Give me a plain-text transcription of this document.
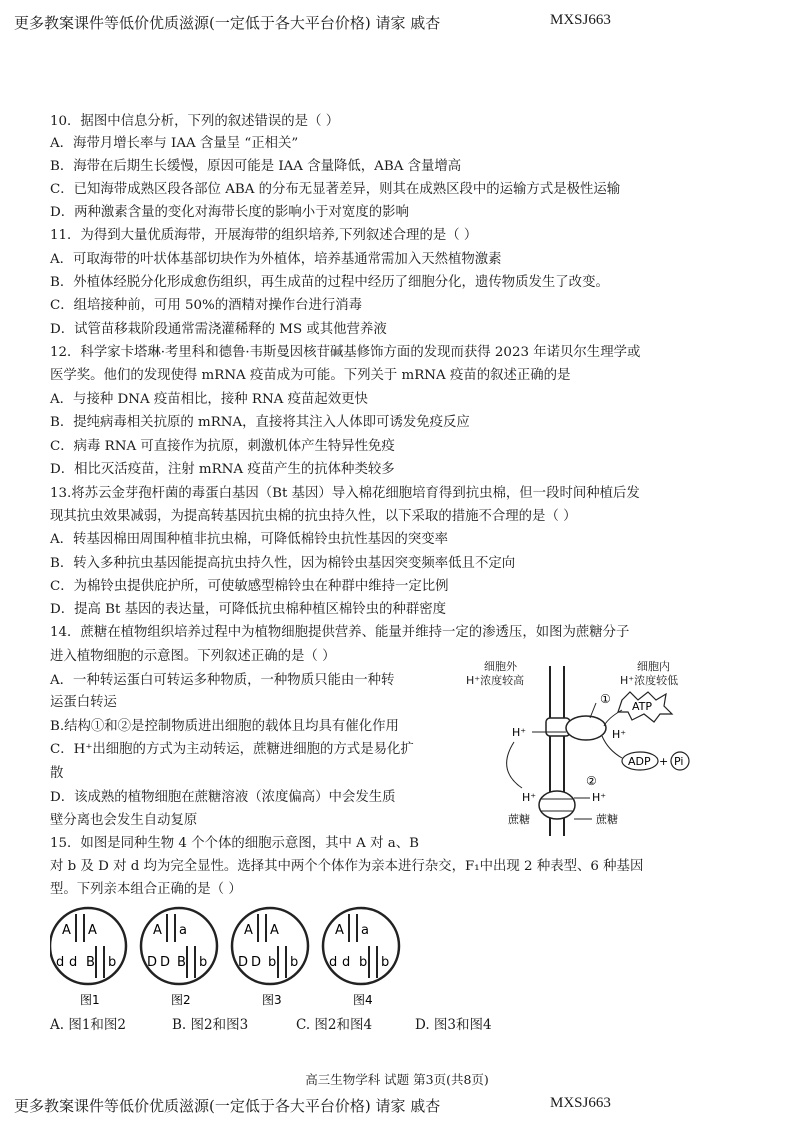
更多教案课件等低价优质滋源(一定低于各大平台价格) 请家 戚杏	MXSJ663
10．据图中信息分析，下列的叙述错误的是（ ）
A．海带月增长率与 IAA 含量呈 “正相关”
B．海带在后期生长缓慢，原因可能是 IAA 含量降低，ABA 含量增高
C．已知海带成熟区段各部位 ABA 的分布无显著差异，则其在成熟区段中的运输方式是极性运输
D．两种激素含量的变化对海带长度的影响小于对宽度的影响
11．为得到大量优质海带，开展海带的组织培养,下列叙述合理的是（ ）
A．可取海带的叶状体基部切块作为外植体，培养基通常需加入天然植物激素
B．外植体经脱分化形成愈伤组织，再生成苗的过程中经历了细胞分化，遗传物质发生了改变。
C．组培接种前，可用 50%的酒精对操作台进行消毒
D．试管苗移栽阶段通常需浇灌稀释的 MS 或其他营养液
12．科学家卡塔琳·考里科和德鲁·韦斯曼因核苷碱基修饰方面的发现而获得 2023 年诺贝尔生理学或
医学奖。他们的发现使得 mRNA 疫苗成为可能。下列关于 mRNA 疫苗的叙述正确的是
A．与接种 DNA 疫苗相比，接种 RNA 疫苗起效更快
B．提纯病毒相关抗原的 mRNA，直接将其注入人体即可诱发免疫反应
C．病毒 RNA 可直接作为抗原，刺激机体产生特异性免疫
D．相比灭活疫苗，注射 mRNA 疫苗产生的抗体种类较多
13.将苏云金芽孢杆菌的毒蛋白基因（Bt 基因）导入棉花细胞培育得到抗虫棉，但一段时间种植后发
现其抗虫效果减弱，为提高转基因抗虫棉的抗虫持久性，以下采取的措施不合理的是（ ）
A．转基因棉田周围种植非抗虫棉，可降低棉铃虫抗性基因的突变率
B．转入多种抗虫基因能提高抗虫持久性，因为棉铃虫基因突变频率低且不定向
C．为棉铃虫提供庇护所，可使敏感型棉铃虫在种群中维持一定比例
D．提高 Bt 基因的表达量，可降低抗虫棉种植区棉铃虫的种群密度
14．蔗糖在植物组织培养过程中为植物细胞提供营养、能量并维持一定的渗透压，如图为蔗糖分子
进入植物细胞的示意图。下列叙述正确的是（ ）
A．一种转运蛋白可转运多种物质，一种物质只能由一种转
运蛋白转运
B.结构①和②是控制物质进出细胞的载体且均具有催化作用
C．H⁺出细胞的方式为主动转运，蔗糖进细胞的方式是易化扩
散
D．该成熟的植物细胞在蔗糖溶液（浓度偏高）中会发生质
壁分离也会发生自动复原
15．如图是同种生物 4 个个体的细胞示意图，其中 A 对 a、B
对 b 及 D 对 d 均为完全显性。选择其中两个个体作为亲本进行杂交，F₁中出现 2 种表型、6 种基因
型。下列亲本组合正确的是（ ）
细胞外
H⁺浓度较高
细胞内
H⁺浓度较低
①
ATP
H⁺	H⁺
ADP + Pi
②
H⁺	H⁺
蔗糖	蔗糖
A A
d d B b
图1
A a
D D B b
图2
A A
D D b b
图3
A a
d d b b
图4
A. 图1和图2	B. 图2和图3	C. 图2和图4	D. 图3和图4
高三生物学科 试题 第3页(共8页)
更多教案课件等低价优质滋源(一定低于各大平台价格) 请家 戚杏	MXSJ663
